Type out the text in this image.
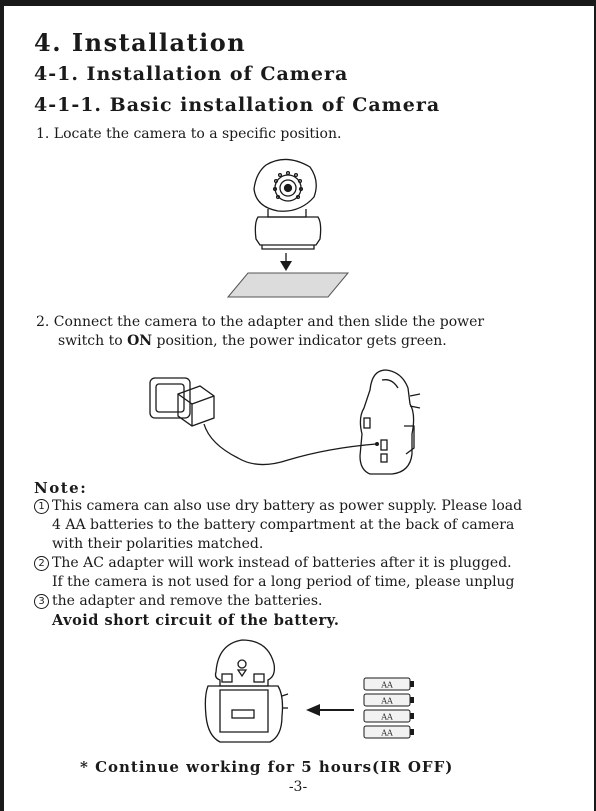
4. Installation
4-1. Installation of Camera
4-1-1. Basic installation of Camera
1. Locate the camera to a specific position.
2. Connect the camera to the adapter and then slide the power
switch to ON position, the power indicator gets green.
Note:
1 This camera can also use dry battery as power supply. Please load
4 AA batteries to the battery compartment at the back of camera
with their polarities matched.
2 The AC adapter will work instead of batteries after it is plugged.
If the camera is not used for a long period of time, please unplug
3 the adapter and remove the batteries.
Avoid short circuit of the battery.
AA
AA
AA
AA
* Continue working for 5 hours(IR OFF)
-3-
